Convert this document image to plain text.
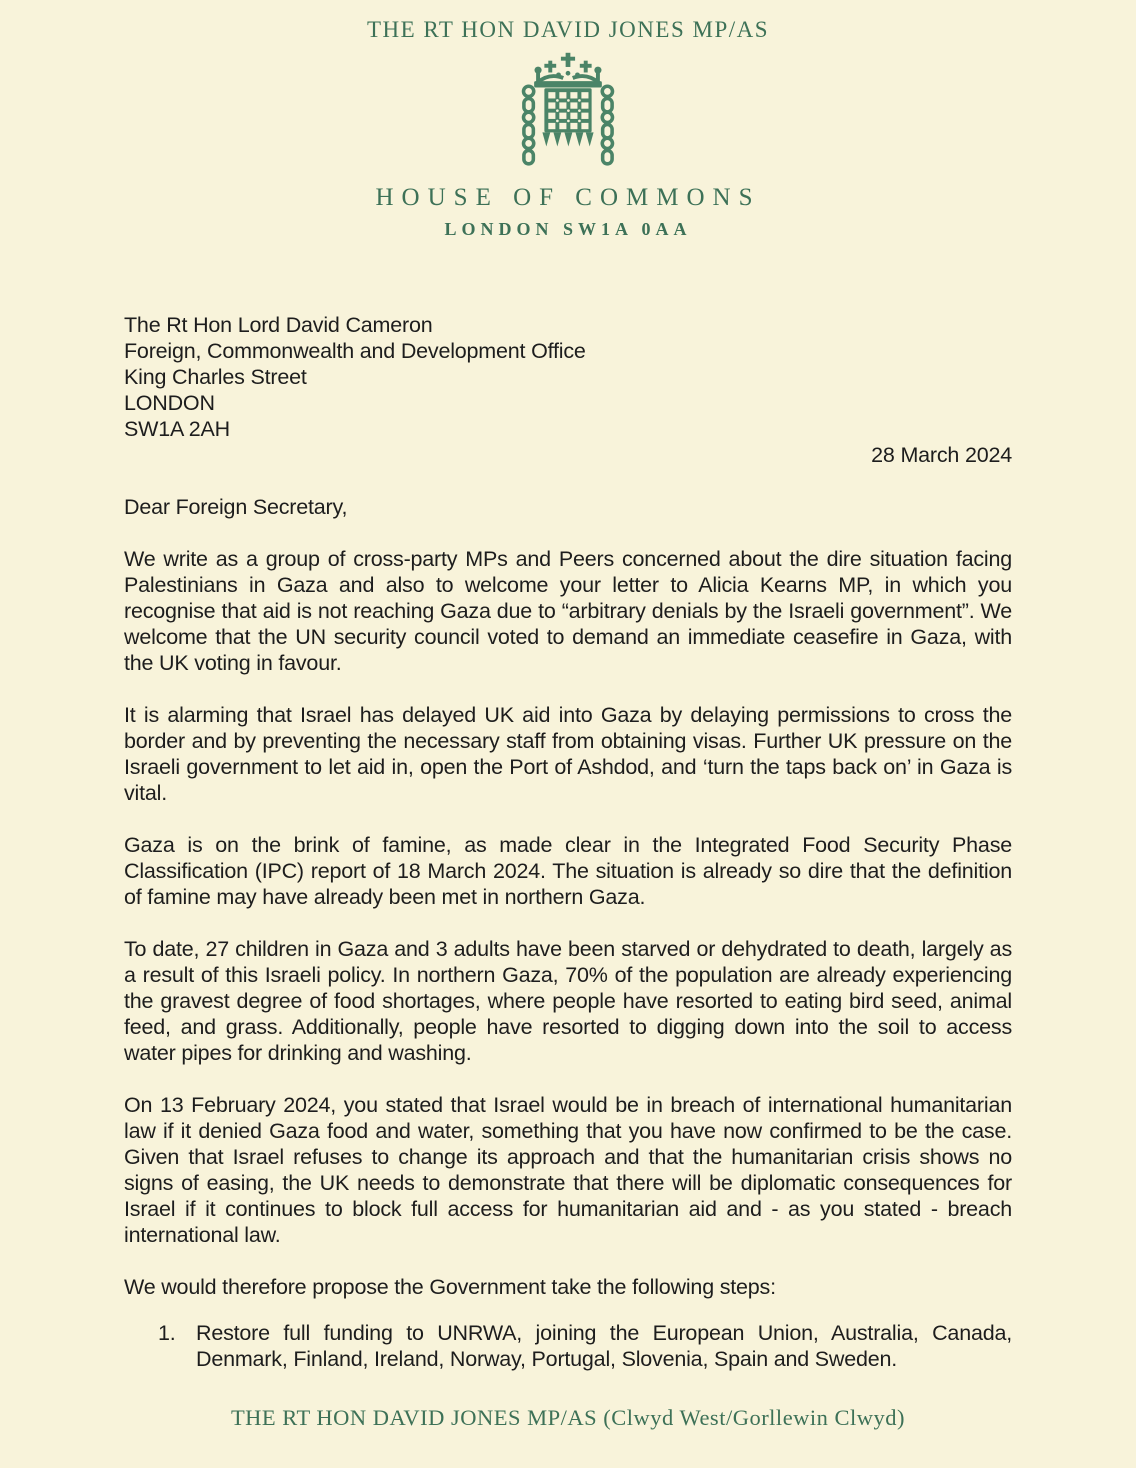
THE RT HON DAVID JONES MP/AS
HOUSE OF COMMONS
LONDON SW1A 0AA
The Rt Hon Lord David Cameron
Foreign, Commonwealth and Development Office
King Charles Street
LONDON
SW1A 2AH
28 March 2024

Dear Foreign Secretary,

We write as a group of cross-party MPs and Peers concerned about the dire situation facing Palestinians in Gaza and also to welcome your letter to Alicia Kearns MP, in which you recognise that aid is not reaching Gaza due to “arbitrary denials by the Israeli government”. We welcome that the UN security council voted to demand an immediate ceasefire in Gaza, with the UK voting in favour.

It is alarming that Israel has delayed UK aid into Gaza by delaying permissions to cross the border and by preventing the necessary staff from obtaining visas. Further UK pressure on the Israeli government to let aid in, open the Port of Ashdod, and ‘turn the taps back on’ in Gaza is vital.

Gaza is on the brink of famine, as made clear in the Integrated Food Security Phase Classification (IPC) report of 18 March 2024. The situation is already so dire that the definition of famine may have already been met in northern Gaza.

To date, 27 children in Gaza and 3 adults have been starved or dehydrated to death, largely as a result of this Israeli policy. In northern Gaza, 70% of the population are already experiencing the gravest degree of food shortages, where people have resorted to eating bird seed, animal feed, and grass. Additionally, people have resorted to digging down into the soil to access water pipes for drinking and washing.

On 13 February 2024, you stated that Israel would be in breach of international humanitarian law if it denied Gaza food and water, something that you have now confirmed to be the case. Given that Israel refuses to change its approach and that the humanitarian crisis shows no signs of easing, the UK needs to demonstrate that there will be diplomatic consequences for Israel if it continues to block full access for humanitarian aid and - as you stated - breach international law.

We would therefore propose the Government take the following steps:

1. Restore full funding to UNRWA, joining the European Union, Australia, Canada, Denmark, Finland, Ireland, Norway, Portugal, Slovenia, Spain and Sweden.
THE RT HON DAVID JONES MP/AS (Clwyd West/Gorllewin Clwyd)
